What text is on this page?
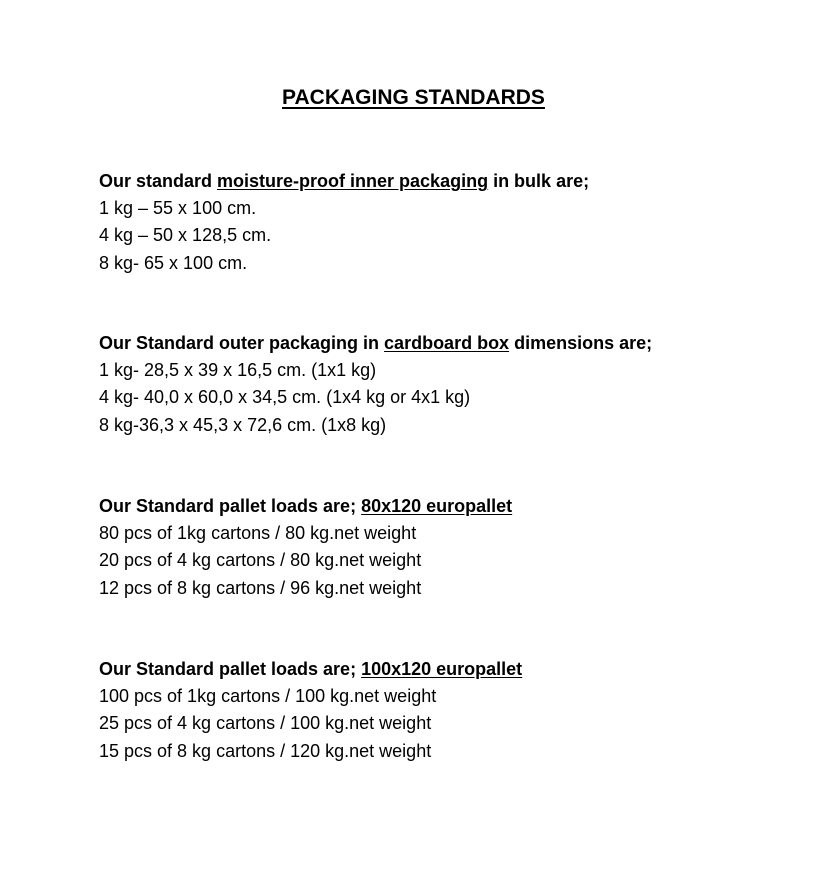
PACKAGING STANDARDS
Our standard moisture-proof inner packaging in bulk are;
1 kg – 55 x 100 cm.
4 kg – 50 x 128,5 cm.
8 kg- 65 x 100 cm.
Our Standard outer packaging in cardboard box dimensions are;
1 kg- 28,5 x 39 x 16,5 cm. (1x1 kg)
4 kg- 40,0 x 60,0 x 34,5 cm. (1x4 kg or 4x1 kg)
8 kg-36,3 x 45,3 x 72,6 cm. (1x8 kg)
Our Standard pallet loads are; 80x120 europallet
80 pcs of 1kg cartons / 80 kg.net weight
20 pcs of 4 kg cartons / 80 kg.net weight
12 pcs of 8 kg cartons / 96 kg.net weight
Our Standard pallet loads are; 100x120 europallet
100 pcs of 1kg cartons / 100 kg.net weight
25 pcs of 4 kg cartons / 100 kg.net weight
15 pcs of 8 kg cartons / 120 kg.net weight
